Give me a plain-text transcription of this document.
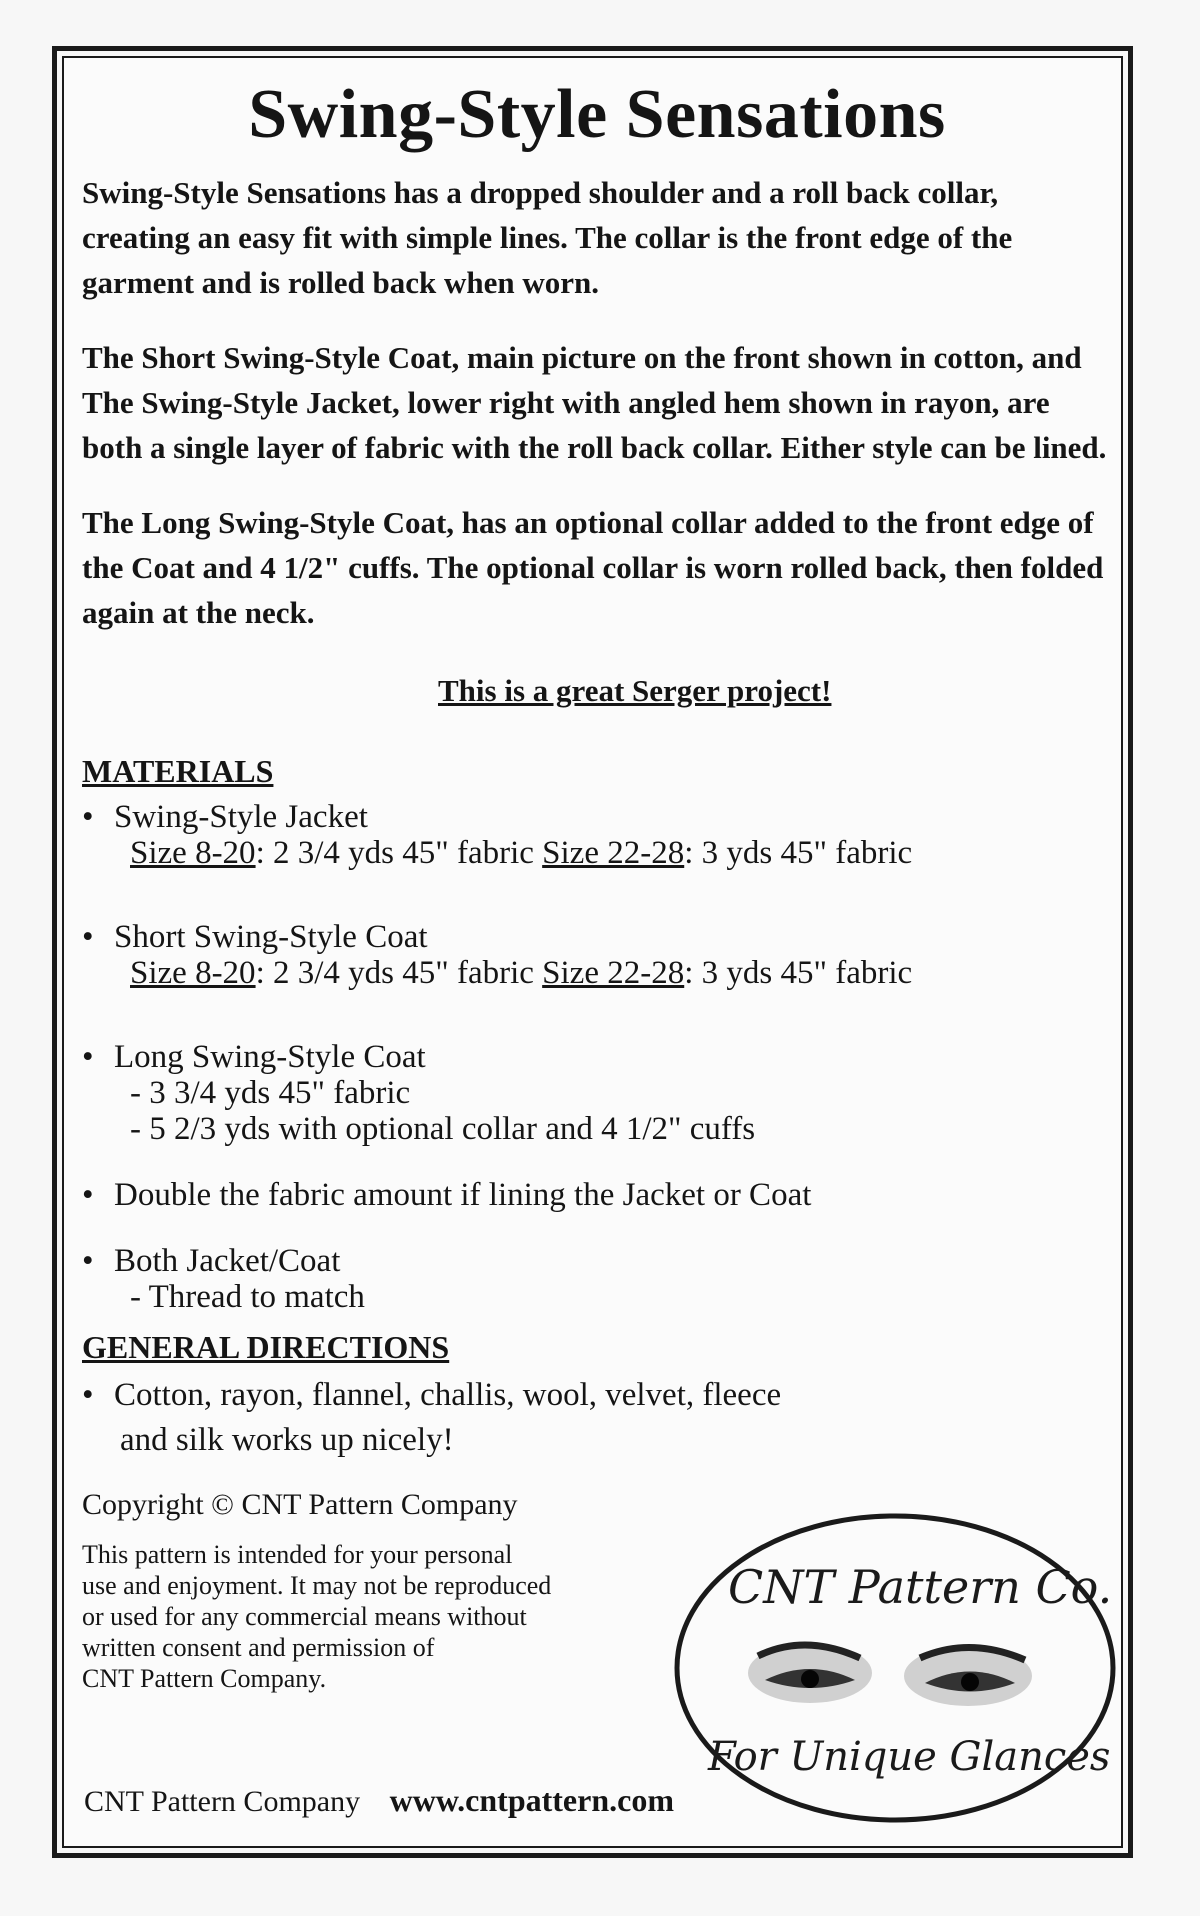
Swing-Style Sensations

Swing-Style Sensations has a dropped shoulder and a roll back collar, creating an easy fit with simple lines. The collar is the front edge of the garment and is rolled back when worn.

The Short Swing-Style Coat, main picture on the front shown in cotton, and The Swing-Style Jacket, lower right with angled hem shown in rayon, are both a single layer of fabric with the roll back collar. Either style can be lined.

The Long Swing-Style Coat, has an optional collar added to the front edge of the Coat and 4 1/2" cuffs. The optional collar is worn rolled back, then folded again at the neck.

This is a great Serger project!
MATERIALS
• Swing-Style Jacket
Size 8-20: 2 3/4 yds 45" fabric Size 22-28: 3 yds 45" fabric
• Short Swing-Style Coat
Size 8-20: 2 3/4 yds 45" fabric Size 22-28: 3 yds 45" fabric
• Long Swing-Style Coat
- 3 3/4 yds 45" fabric
- 5 2/3 yds with optional collar and 4 1/2" cuffs
• Double the fabric amount if lining the Jacket or Coat
• Both Jacket/Coat
- Thread to match
GENERAL DIRECTIONS
• Cotton, rayon, flannel, challis, wool, velvet, fleece
and silk works up nicely!
Copyright © CNT Pattern Company
This pattern is intended for your personal
use and enjoyment. It may not be reproduced
or used for any commercial means without
written consent and permission of
CNT Pattern Company.
CNT Pattern Company www.cntpattern.com
CNT Pattern Co.
For Unique Glances
